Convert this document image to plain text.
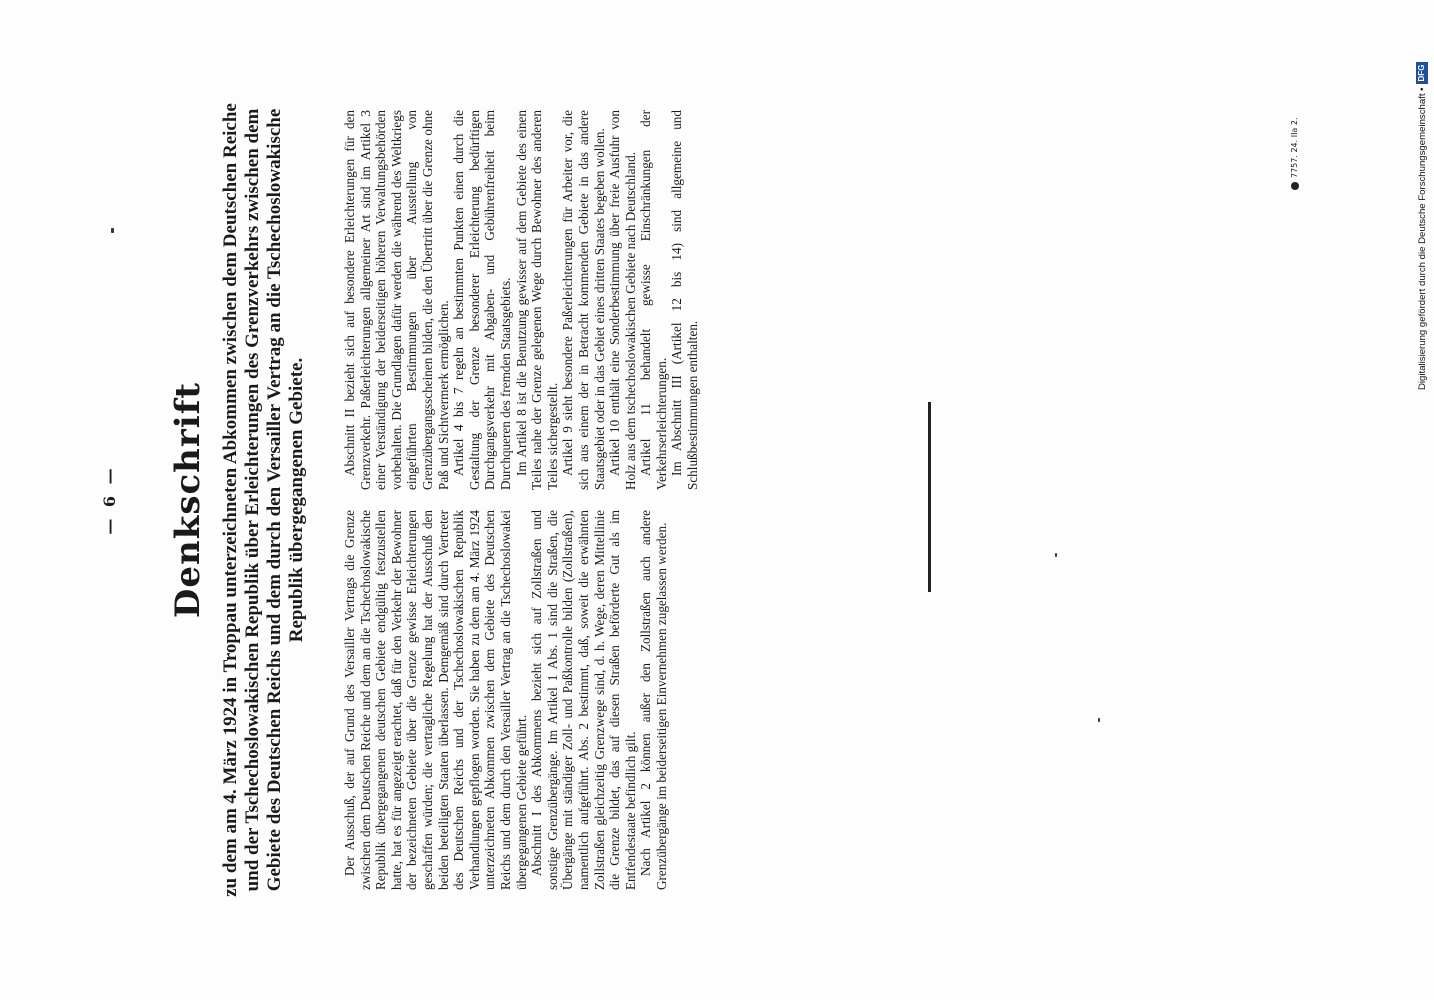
— 6 — Denkschrift zu dem am 4. März 1924 in Troppau unterzeichneten Abkommen zwischen dem Deutschen Reiche und der Tschechoslowakischen Republik über Erleichterungen des Grenzverkehrs zwischen dem Gebiete des Deutschen Reichs und dem durch den Versailler Vertrag an die Tschechoslowakische Republik übergegangenen Gebiete.

Der Ausschuß, der auf Grund des Versailler Vertrags die Grenze zwischen dem Deutschen Reiche und dem an die Tschechoslowakische Republik übergegangenen deutschen Gebiete endgültig festzustellen hatte, hat es für angezeigt erachtet, daß für den Verkehr der Bewohner der bezeichneten Gebiete über die Grenze gewisse Erleichterungen geschaffen würden; die vertragliche Regelung hat der Ausschuß den beiden beteiligten Staaten überlassen. Demgemäß sind durch Vertreter des Deutschen Reichs und der Tschechoslowakischen Republik Verhandlungen gepflogen worden. Sie haben zu dem am 4. März 1924 unterzeichneten Abkommen zwischen dem Gebiete des Deutschen Reichs und dem durch den Versailler Vertrag an die Tschechoslowakei übergegangenen Gebiete geführt. Abschnitt I des Abkommens bezieht sich auf Zollstraßen und sonstige Grenzübergänge. Im Artikel 1 Abs. 1 sind die Straßen, die Übergänge mit ständiger Zoll- und Paßkontrolle bilden (Zollstraßen), namentlich aufgeführt. Abs. 2 bestimmt, daß, soweit die erwähnten Zollstraßen gleichzeitig Grenzwege sind, d. h. Wege, deren Mittellinie die Grenze bildet, das auf diesen Straßen beförderte Gut als im Entfendestaate befindlich gilt. Nach Artikel 2 können außer den Zollstraßen auch andere Grenzübergänge im beiderseitigen Einvernehmen zugelassen werden.

Abschnitt II bezieht sich auf besondere Erleichterungen für den Grenzverkehr. Paßerleichterungen allgemeiner Art sind im Artikel 3 einer Verständigung der beiderseitigen höheren Verwaltungsbehörden vorbehalten. Die Grundlagen dafür werden die während des Weltkriegs eingeführten Bestimmungen über Ausstellung von Grenzübergangsscheinen bilden, die den Übertritt über die Grenze ohne Paß und Sichtvermerk ermöglichen. Artikel 4 bis 7 regeln an bestimmten Punkten einen durch die Gestaltung der Grenze besonderer Erleichterung bedürftigen Durchgangsverkehr mit Abgaben- und Gebührenfreiheit beim Durchqueren des fremden Staatsgebiets. Im Artikel 8 ist die Benutzung gewisser auf dem Gebiete des einen Teiles nahe der Grenze gelegenen Wege durch Bewohner des anderen Teiles sichergestellt. Artikel 9 sieht besondere Paßerleichterungen für Arbeiter vor, die sich aus einem der in Betracht kommenden Gebiete in das andere Staatsgebiet oder in das Gebiet eines dritten Staates begeben wollen. Artikel 10 enthält eine Sonderbestimmung über freie Ausfuhr von Holz aus dem tschechoslowakischen Gebiete nach Deutschland. Artikel 11 behandelt gewisse Einschränkungen der Verkehrserleichterungen. Im Abschnitt III (Artikel 12 bis 14) sind allgemeine und Schlußbestimmungen enthalten.

7757. 24. IIa 2.	Digitalisierung gefördert durch die Deutsche Forschungsgemeinschaft •
DFG
